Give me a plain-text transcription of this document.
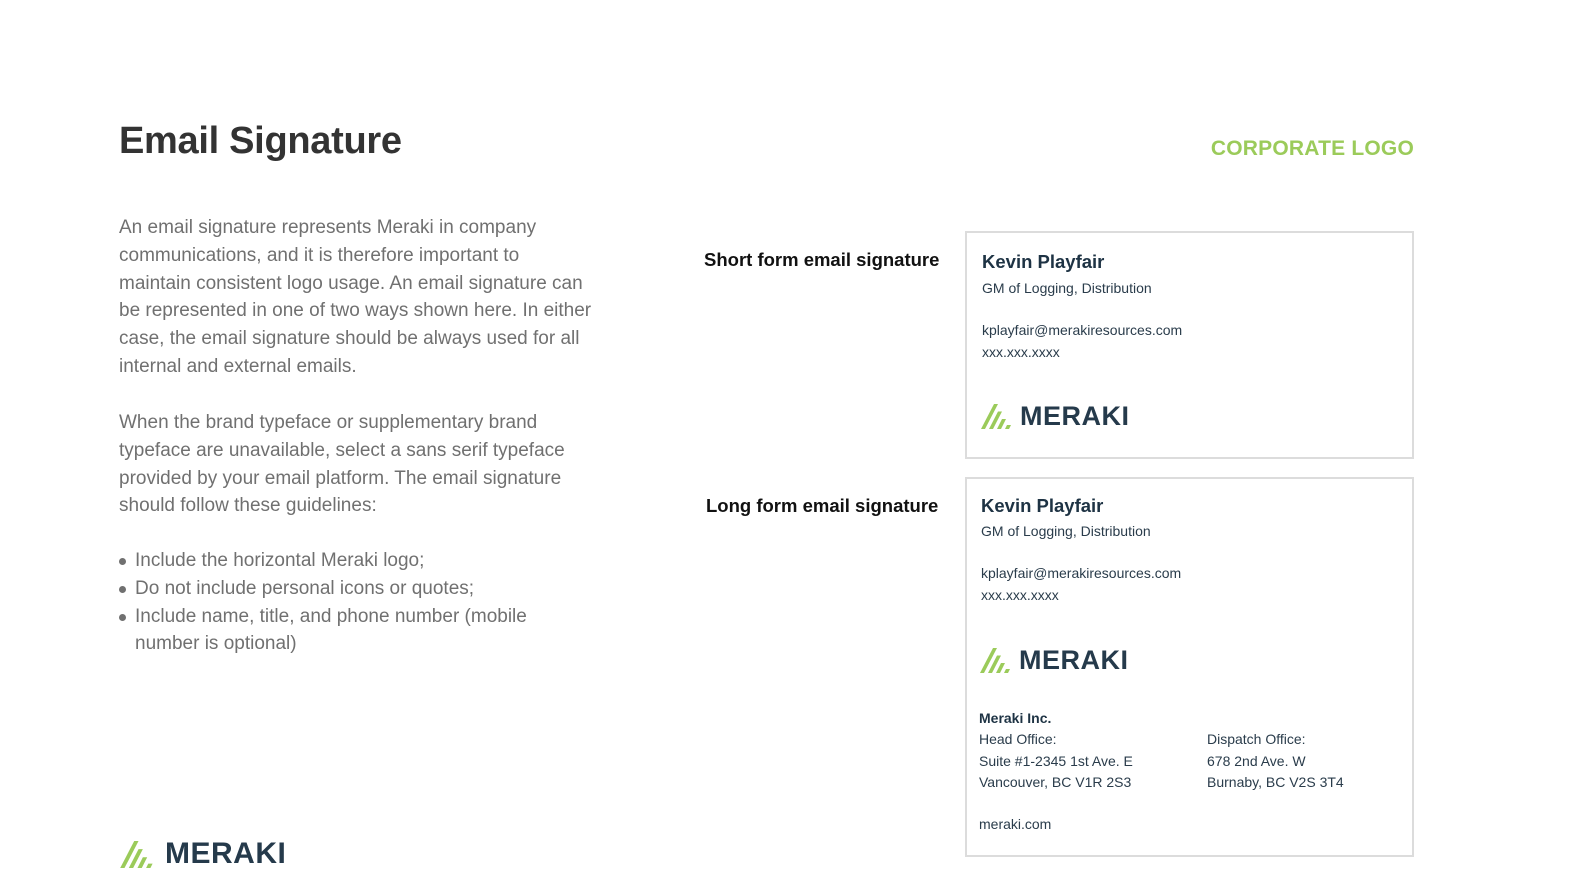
Email Signature	CORPORATE LOGO

An email signature represents Meraki in company communications, and it is therefore important to maintain consistent logo usage. An email signature can be represented in one of two ways shown here. In either case, the email signature should be always used for all internal and external emails.

When the brand typeface or supplementary brand typeface are unavailable, select a sans serif typeface provided by your email platform. The email signature should follow these guidelines:

Include the horizontal Meraki logo;
Do not include personal icons or quotes;
Include name, title, and phone number (mobile number is optional)
Short form email signature Kevin Playfair
GM of Logging, Distribution
kplayfair@merakiresources.com
xxx.xxx.xxxx
MERAKI
Long form email signature Kevin Playfair
GM of Logging, Distribution
kplayfair@merakiresources.com
xxx.xxx.xxxx
MERAKI
Meraki Inc.
Head Office:
Suite #1-2345 1st Ave. E
Vancouver, BC V1R 2S3
Dispatch Office:
678 2nd Ave. W
Burnaby, BC V2S 3T4
meraki.com
MERAKI
